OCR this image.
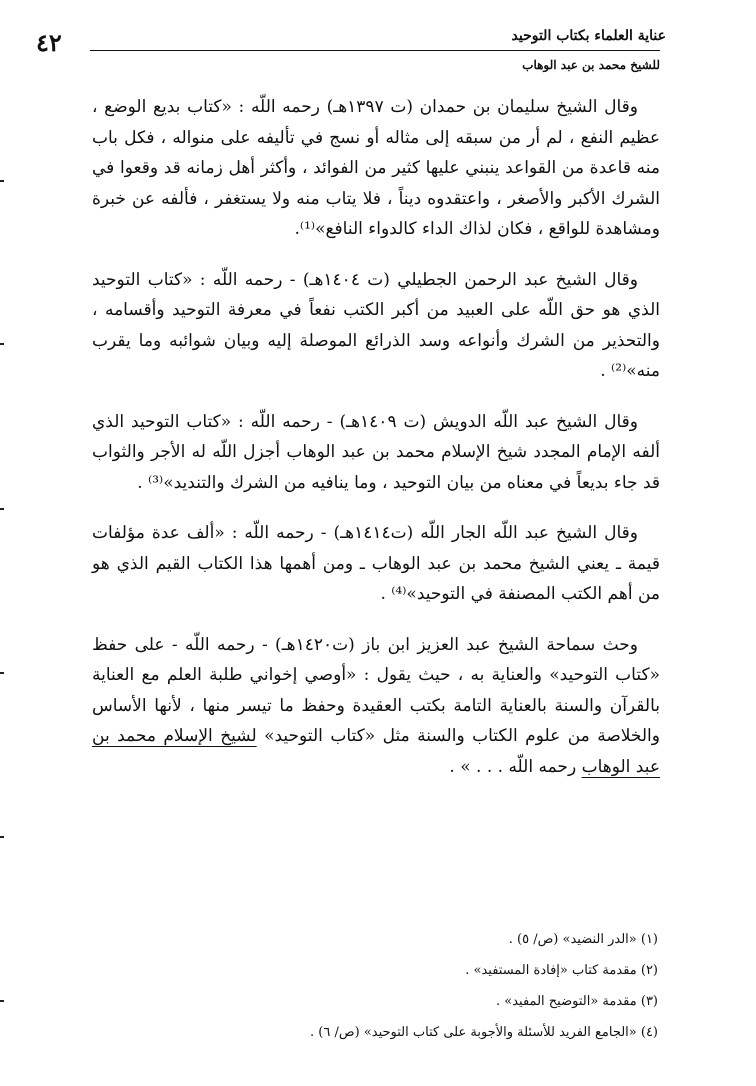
٤٢	عناية العلماء بكتاب التوحيد
للشيخ محمد بن عبد الوهاب

وقال الشيخ سليمان بن حمدان (ت ١٣٩٧هـ) رحمه اللّه : «كتاب بديع الوضع ، عظيم النفع ، لم أر من سبقه إلى مثاله أو نسج في تأليفه على منواله ، فكل باب منه قاعدة من القواعد ينبني عليها كثير من الفوائد ، وأكثر أهل زمانه قد وقعوا في الشرك الأكبر والأصغر ، واعتقدوه ديناً ، فلا يتاب منه ولا يستغفر ، فألفه عن خبرة ومشاهدة للواقع ، فكان لذاك الداء كالدواء النافع»⁽¹⁾.

وقال الشيخ عبد الرحمن الجطيلي (ت ١٤٠٤هـ) - رحمه اللّه : «كتاب التوحيد الذي هو حق اللّه على العبيد من أكبر الكتب نفعاً في معرفة التوحيد وأقسامه ، والتحذير من الشرك وأنواعه وسد الذرائع الموصلة إليه وبيان شوائبه وما يقرب منه»⁽²⁾ .

وقال الشيخ عبد اللّه الدويش (ت ١٤٠٩هـ) - رحمه اللّه : «كتاب التوحيد الذي ألفه الإمام المجدد شيخ الإسلام محمد بن عبد الوهاب أجزل اللّه له الأجر والثواب قد جاء بديعاً في معناه من بيان التوحيد ، وما ينافيه من الشرك والتنديد»⁽³⁾ .

وقال الشيخ عبد اللّه الجار اللّه (ت١٤١٤هـ) - رحمه اللّه : «ألف عدة مؤلفات قيمة ـ يعني الشيخ محمد بن عبد الوهاب ـ ومن أهمها هذا الكتاب القيم الذي هو من أهم الكتب المصنفة في التوحيد»⁽⁴⁾ .

وحث سماحة الشيخ عبد العزيز ابن باز (ت١٤٢٠هـ) - رحمه اللّه - على حفظ «كتاب التوحيد» والعناية به ، حيث يقول : «أوصي إخواني طلبة العلم مع العناية بالقرآن والسنة بالعناية التامة بكتب العقيدة وحفظ ما تيسر منها ، لأنها الأساس والخلاصة من علوم الكتاب والسنة مثل «كتاب التوحيد» لشيخ الإسلام محمد بن عبد الوهاب رحمه اللّه . . . » .

(١) «الدر النضيد» (ص/ ٥) .
(٢) مقدمة كتاب «إفادة المستفيد» .
(٣) مقدمة «التوضيح المفيد» .
(٤) «الجامع الفريد للأسئلة والأجوبة على كتاب التوحيد» (ص/ ٦) .
